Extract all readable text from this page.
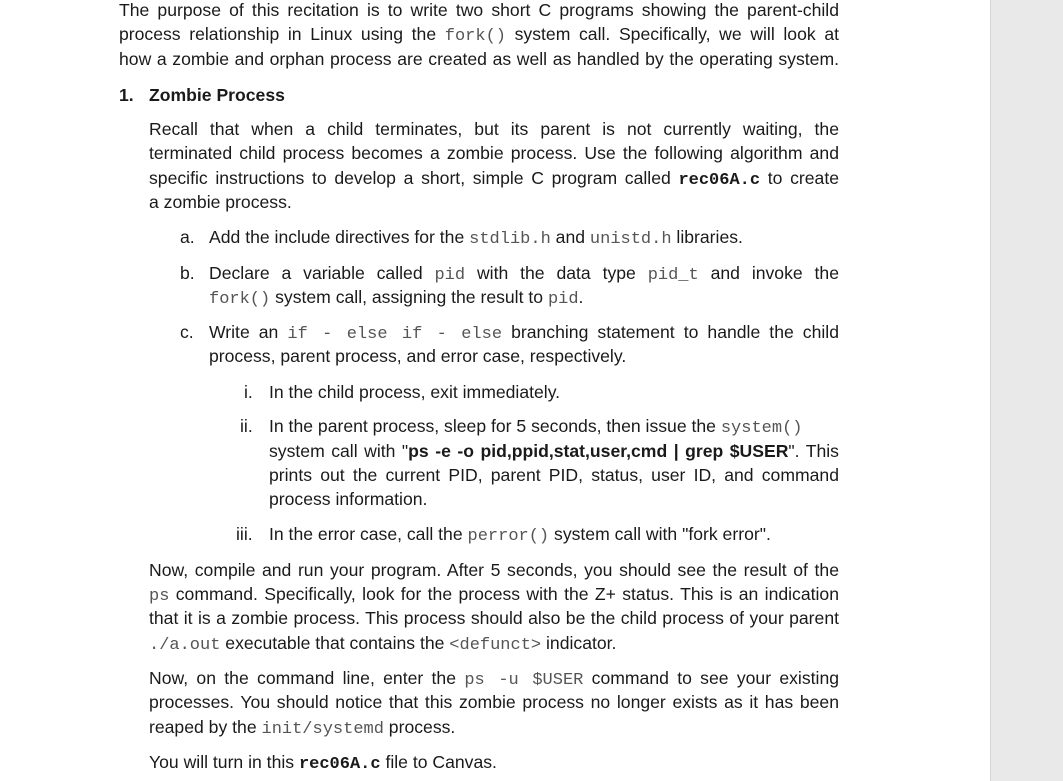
The purpose of this recitation is to write two short C programs showing the parent-child
process relationship in Linux using the fork() system call. Specifically, we will look at
how a zombie and orphan process are created as well as handled by the operating system.
1. Zombie Process
Recall that when a child terminates, but its parent is not currently waiting, the
terminated child process becomes a zombie process. Use the following algorithm and
specific instructions to develop a short, simple C program called rec06A.c to create
a zombie process.
a. Add the include directives for the stdlib.h and unistd.h libraries.
b. Declare a variable called pid with the data type pid_t and invoke the
fork() system call, assigning the result to pid.
c. Write an if - else if - else branching statement to handle the child
process, parent process, and error case, respectively.
i. In the child process, exit immediately.
ii. In the parent process, sleep for 5 seconds, then issue the system()
system call with "ps -e -o pid,ppid,stat,user,cmd | grep $USER". This
prints out the current PID, parent PID, status, user ID, and command
process information.
iii. In the error case, call the perror() system call with "fork error".
Now, compile and run your program. After 5 seconds, you should see the result of the
ps command. Specifically, look for the process with the Z+ status. This is an indication
that it is a zombie process. This process should also be the child process of your parent
./a.out executable that contains the <defunct> indicator.
Now, on the command line, enter the ps -u $USER command to see your existing
processes. You should notice that this zombie process no longer exists as it has been
reaped by the init/systemd process.
You will turn in this rec06A.c file to Canvas.
